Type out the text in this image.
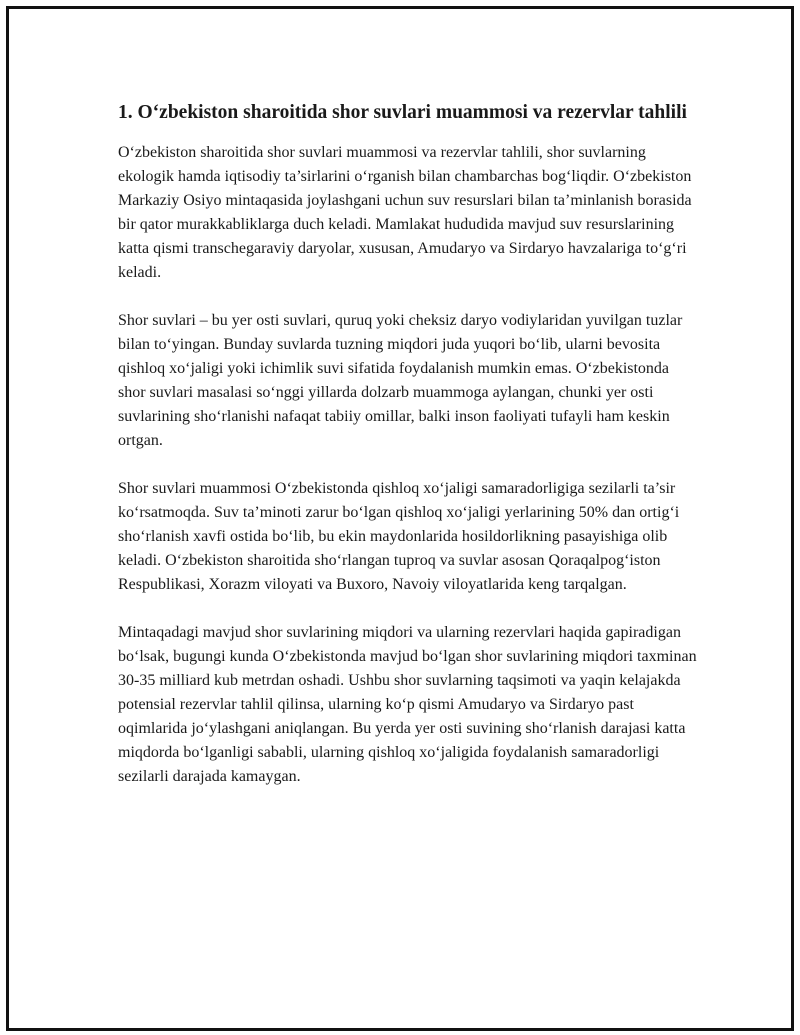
1. O‘zbekiston sharoitida shor suvlari muammosi va rezervlar tahlili

O‘zbekiston sharoitida shor suvlari muammosi va rezervlar tahlili, shor suvlarning ekologik hamda iqtisodiy ta’sirlarini o‘rganish bilan chambarchas bog‘liqdir. O‘zbekiston Markaziy Osiyo mintaqasida joylashgani uchun suv resurslari bilan ta’minlanish borasida bir qator murakkabliklarga duch keladi. Mamlakat hududida mavjud suv resurslarining katta qismi transchegaraviy daryolar, xususan, Amudaryo va Sirdaryo havzalariga to‘g‘ri keladi.

Shor suvlari – bu yer osti suvlari, quruq yoki cheksiz daryo vodiylaridan yuvilgan tuzlar bilan to‘yingan. Bunday suvlarda tuzning miqdori juda yuqori bo‘lib, ularni bevosita qishloq xo‘jaligi yoki ichimlik suvi sifatida foydalanish mumkin emas. O‘zbekistonda shor suvlari masalasi so‘nggi yillarda dolzarb muammoga aylangan, chunki yer osti suvlarining sho‘rlanishi nafaqat tabiiy omillar, balki inson faoliyati tufayli ham keskin ortgan.

Shor suvlari muammosi O‘zbekistonda qishloq xo‘jaligi samaradorligiga sezilarli ta’sir ko‘rsatmoqda. Suv ta’minoti zarur bo‘lgan qishloq xo‘jaligi yerlarining 50% dan ortig‘i sho‘rlanish xavfi ostida bo‘lib, bu ekin maydonlarida hosildorlikning pasayishiga olib keladi. O‘zbekiston sharoitida sho‘rlangan tuproq va suvlar asosan Qoraqalpog‘iston Respublikasi, Xorazm viloyati va Buxoro, Navoiy viloyatlarida keng tarqalgan.

Mintaqadagi mavjud shor suvlarining miqdori va ularning rezervlari haqida gapiradigan bo‘lsak, bugungi kunda O‘zbekistonda mavjud bo‘lgan shor suvlarining miqdori taxminan 30-35 milliard kub metrdan oshadi. Ushbu shor suvlarning taqsimoti va yaqin kelajakda potensial rezervlar tahlil qilinsa, ularning ko‘p qismi Amudaryo va Sirdaryo past oqimlarida jo‘ylashgani aniqlangan. Bu yerda yer osti suvining sho‘rlanish darajasi katta miqdorda bo‘lganligi sababli, ularning qishloq xo‘jaligida foydalanish samaradorligi sezilarli darajada kamaygan.
